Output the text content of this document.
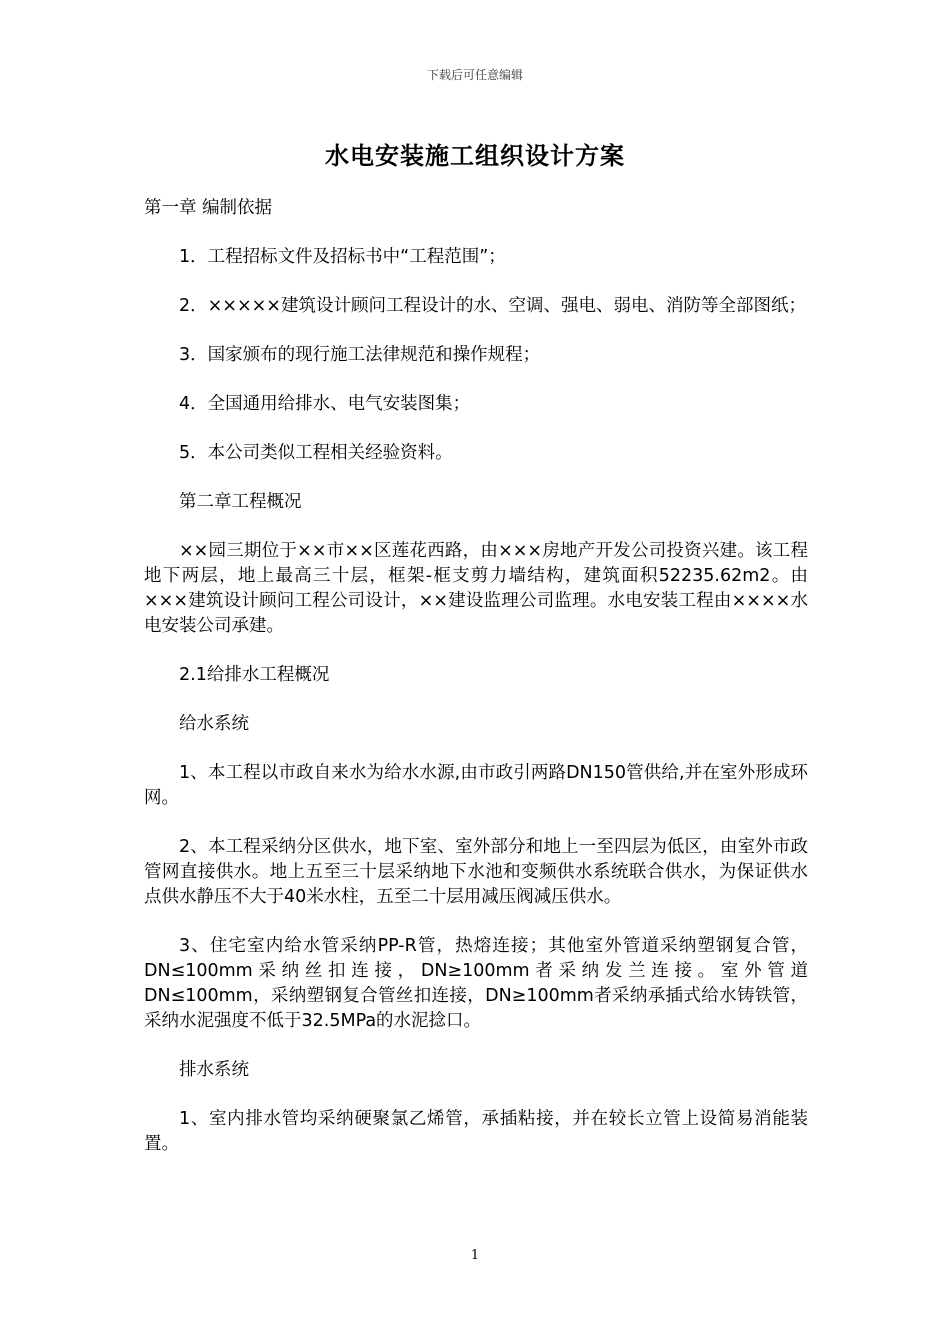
下载后可任意编辑
水电安装施工组织设计方案

第一章 编制依据

1．工程招标文件及招标书中“工程范围”；

2．×××××建筑设计顾问工程设计的水、空调、强电、弱电、消防等全部图纸；

3．国家颁布的现行施工法律规范和操作规程；

4．全国通用给排水、电气安装图集；

5．本公司类似工程相关经验资料。

第二章工程概况

××园三期位于××市××区莲花西路，由×××房地产开发公司投资兴建。该工程地下两层，地上最高三十层，框架-框支剪力墙结构，建筑面积52235.62m2。由×××建筑设计顾问工程公司设计，××建设监理公司监理。水电安装工程由××××水电安装公司承建。

2.1给排水工程概况

给水系统

1、本工程以市政自来水为给水水源,由市政引两路DN150管供给,并在室外形成环网。

2、本工程采纳分区供水，地下室、室外部分和地上一至四层为低区，由室外市政管网直接供水。地上五至三十层采纳地下水池和变频供水系统联合供水，为保证供水点供水静压不大于40米水柱，五至二十层用减压阀减压供水。

3、住宅室内给水管采纳PP-R管，热熔连接；其他室外管道采纳塑钢复合管，DN≤100mm采纳丝扣连接，DN≥100mm者采纳发兰连接。室外管道DN≤100mm，采纳塑钢复合管丝扣连接，DN≥100mm者采纳承插式给水铸铁管，采纳水泥强度不低于32.5MPa的水泥捻口。

排水系统

1、室内排水管均采纳硬聚氯乙烯管，承插粘接，并在较长立管上设简易消能装置。

1
